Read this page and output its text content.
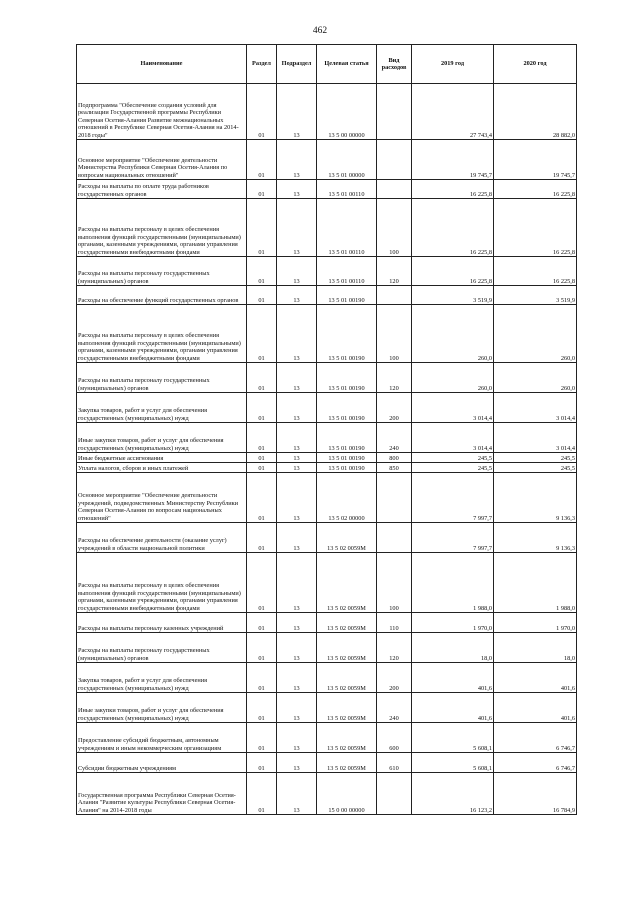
462
Наименование	Раздел	Подраздел	Целевая статья	Вид расходов	2019 год	2020 год
Подпрограмма "Обеспечение создания условий для реализации Государственной программы Республики Северная Осетия-Алания Развитие межнациональных отношений в Республике Северная Осетия-Алания на 2014-2018 годы"	01	13	13 5 00 00000		27 743,4	28 882,0
Основное мероприятие "Обеспечение деятельности Министерства Республики Северная Осетия-Алания по вопросам национальных отношений"	01	13	13 5 01 00000		19 745,7	19 745,7
Расходы на выплаты по оплате труда работников государственных органов	01	13	13 5 01 00110		16 225,8	16 225,8
Расходы на выплаты персоналу в целях обеспечения выполнения функций государственными (муниципальными) органами, казенными учреждениями, органами управления государственными внебюджетными фондами	01	13	13 5 01 00110	100	16 225,8	16 225,8
Расходы на выплаты персоналу государственных (муниципальных) органов	01	13	13 5 01 00110	120	16 225,8	16 225,8
Расходы на обеспечение функций государственных органов	01	13	13 5 01 00190		3 519,9	3 519,9
Расходы на выплаты персоналу в целях обеспечения выполнения функций государственными (муниципальными) органами, казенными учреждениями, органами управления государственными внебюджетными фондами	01	13	13 5 01 00190	100	260,0	260,0
Расходы на выплаты персоналу государственных (муниципальных) органов	01	13	13 5 01 00190	120	260,0	260,0
Закупка товаров, работ и услуг для обеспечения государственных (муниципальных) нужд	01	13	13 5 01 00190	200	3 014,4	3 014,4
Иные закупки товаров, работ и услуг для обеспечения государственных (муниципальных) нужд	01	13	13 5 01 00190	240	3 014,4	3 014,4
Иные бюджетные ассигнования	01	13	13 5 01 00190	800	245,5	245,5
Уплата налогов, сборов и иных платежей	01	13	13 5 01 00190	850	245,5	245,5
Основное мероприятие "Обеспечение деятельности учреждений, подведомственных Министерству Республики Северная Осетия-Алания по вопросам национальных отношений"	01	13	13 5 02 00000		7 997,7	9 136,3
Расходы на обеспечение деятельности (оказание услуг) учреждений в области национальной политики	01	13	13 5 02 0059M		7 997,7	9 136,3
Расходы на выплаты персоналу в целях обеспечения выполнения функций государственными (муниципальными) органами, казенными учреждениями, органами управления государственными внебюджетными фондами	01	13	13 5 02 0059M	100	1 988,0	1 988,0
Расходы на выплаты персоналу казенных учреждений	01	13	13 5 02 0059M	110	1 970,0	1 970,0
Расходы на выплаты персоналу государственных (муниципальных) органов	01	13	13 5 02 0059M	120	18,0	18,0
Закупка товаров, работ и услуг для обеспечения государственных (муниципальных) нужд	01	13	13 5 02 0059M	200	401,6	401,6
Иные закупки товаров, работ и услуг для обеспечения государственных (муниципальных) нужд	01	13	13 5 02 0059M	240	401,6	401,6
Предоставление субсидий бюджетным, автономным учреждениям и иным некоммерческим организациям	01	13	13 5 02 0059M	600	5 608,1	6 746,7
Субсидии бюджетным учреждениям	01	13	13 5 02 0059M	610	5 608,1	6 746,7
Государственная программа Республики Северная Осетия-Алания "Развитие культуры Республики Северная Осетия-Алания" на 2014-2018 годы	01	13	15 0 00 00000		16 123,2	16 784,9
